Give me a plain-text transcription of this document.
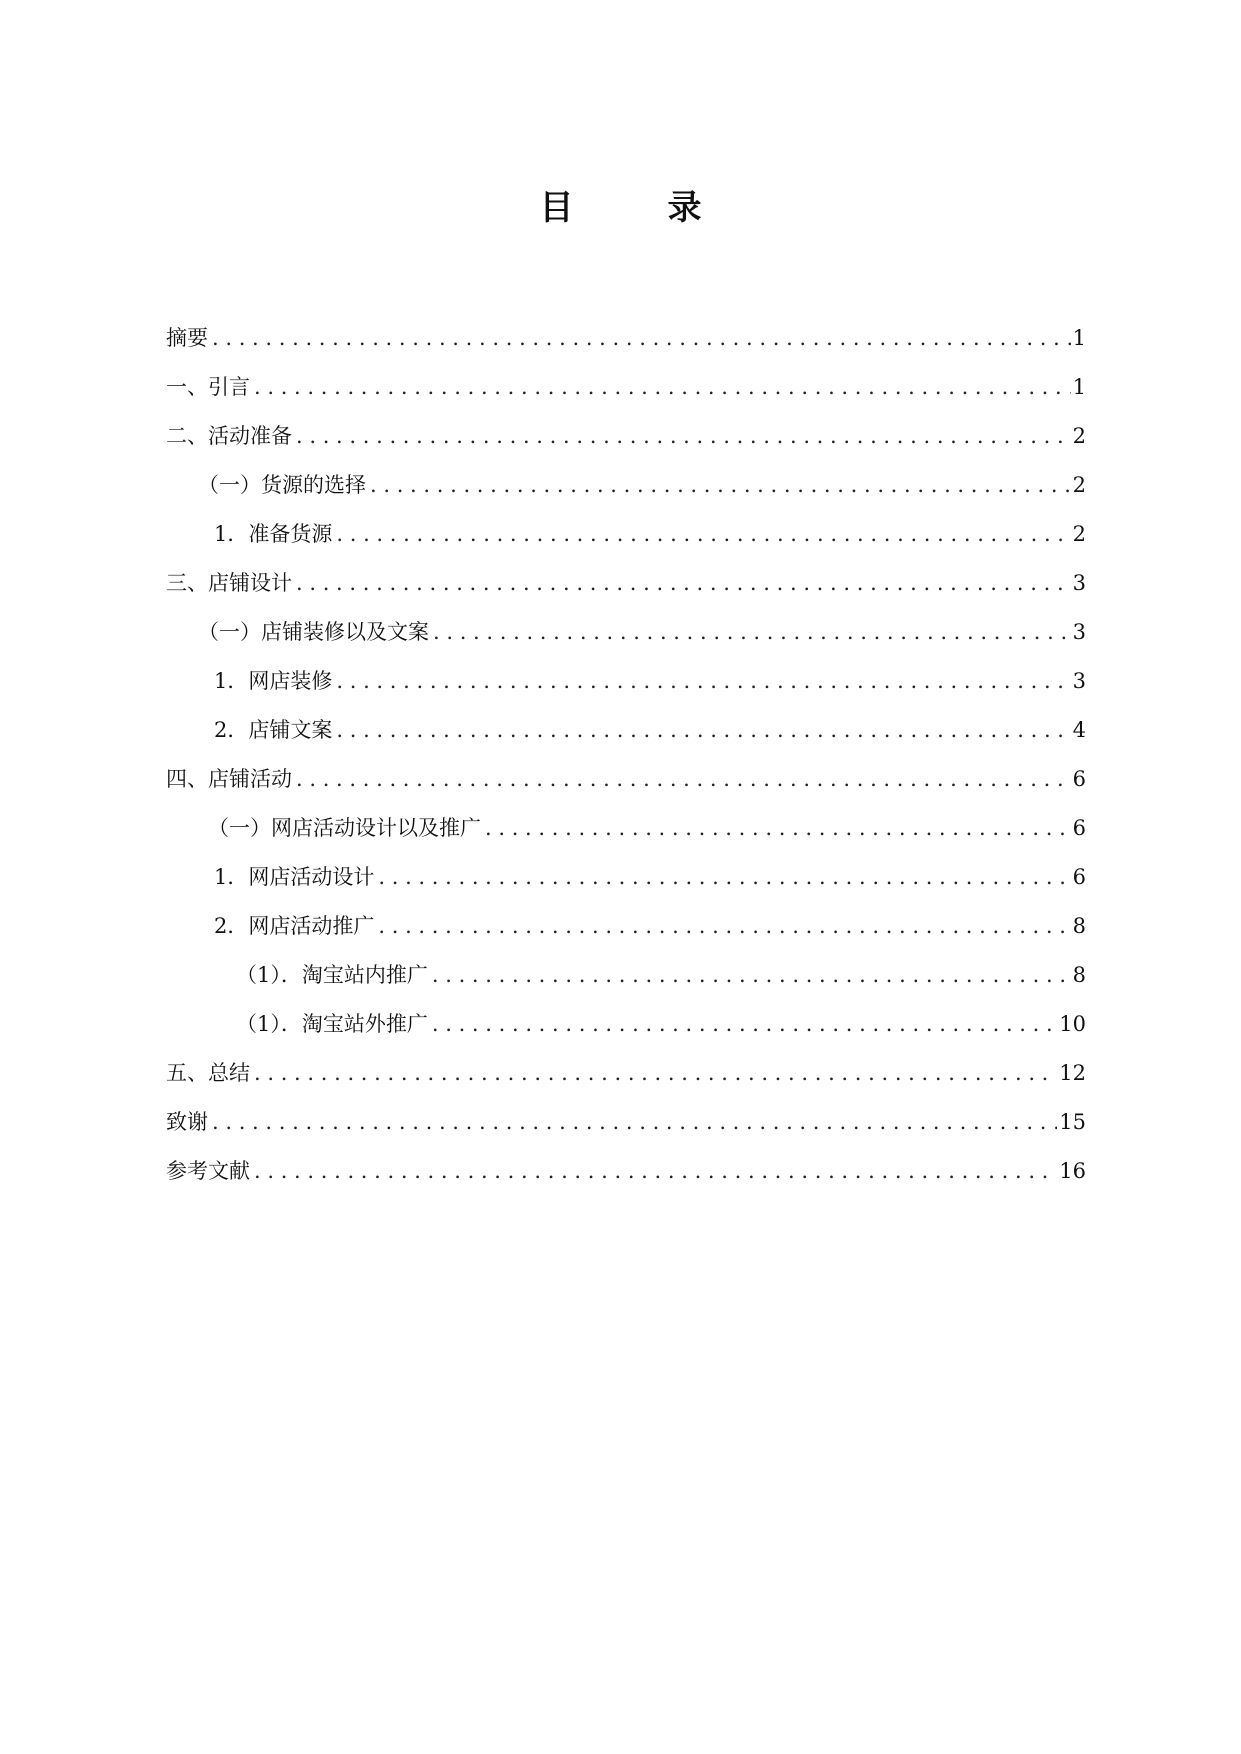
目　录
摘要 . . .	1
一、引言 . . .	1
二、活动准备 . . .	2
（一）货源的选择 . . .	2
1．准备货源 . . .	2
三、店铺设计 . . .	3
（一）店铺装修以及文案 . . .	3
1．网店装修 . . .	3
2．店铺文案 . . .	4
四、店铺活动 . . .	6
（一）网店活动设计以及推广 . . .	6
1．网店活动设计 . . .	6
2．网店活动推广 . . .	8
（1）．淘宝站内推广 . . .	8
（1）．淘宝站外推广 . . .	10
五、总结 . . .	12
致谢 . . .	15
参考文献 . . .	16
